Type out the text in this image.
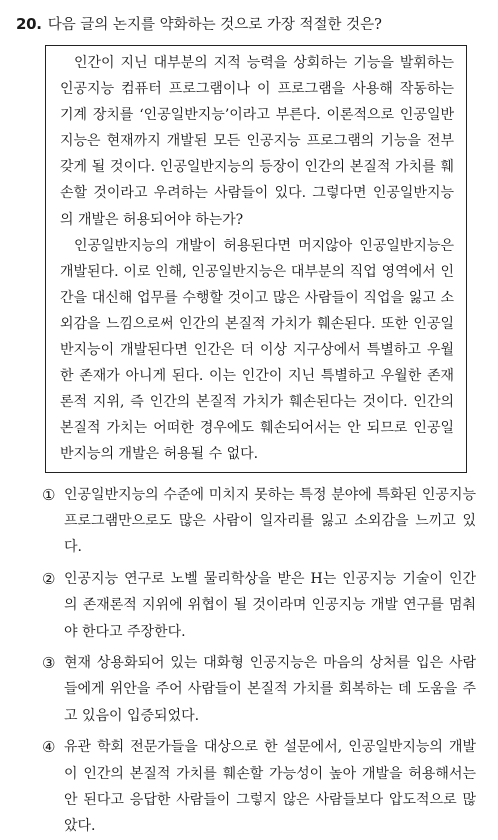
20. 다음 글의 논지를 약화하는 것으로 가장 적절한 것은?

인간이 지닌 대부분의 지적 능력을 상회하는 기능을 발휘하는 인공지능 컴퓨터 프로그램이나 이 프로그램을 사용해 작동하는 기계 장치를 ‘인공일반지능’이라고 부른다. 이론적으로 인공일반지능은 현재까지 개발된 모든 인공지능 프로그램의 기능을 전부 갖게 될 것이다. 인공일반지능의 등장이 인간의 본질적 가치를 훼손할 것이라고 우려하는 사람들이 있다. 그렇다면 인공일반지능의 개발은 허용되어야 하는가?

인공일반지능의 개발이 허용된다면 머지않아 인공일반지능은 개발된다. 이로 인해, 인공일반지능은 대부분의 직업 영역에서 인간을 대신해 업무를 수행할 것이고 많은 사람들이 직업을 잃고 소외감을 느낌으로써 인간의 본질적 가치가 훼손된다. 또한 인공일반지능이 개발된다면 인간은 더 이상 지구상에서 특별하고 우월한 존재가 아니게 된다. 이는 인간이 지닌 특별하고 우월한 존재론적 지위, 즉 인간의 본질적 가치가 훼손된다는 것이다. 인간의 본질적 가치는 어떠한 경우에도 훼손되어서는 안 되므로 인공일반지능의 개발은 허용될 수 없다.

① 인공일반지능의 수준에 미치지 못하는 특정 분야에 특화된 인공지능 프로그램만으로도 많은 사람이 일자리를 잃고 소외감을 느끼고 있다.
② 인공지능 연구로 노벨 물리학상을 받은 H는 인공지능 기술이 인간의 존재론적 지위에 위협이 될 것이라며 인공지능 개발 연구를 멈춰야 한다고 주장한다.
③ 현재 상용화되어 있는 대화형 인공지능은 마음의 상처를 입은 사람들에게 위안을 주어 사람들이 본질적 가치를 회복하는 데 도움을 주고 있음이 입증되었다.
④ 유관 학회 전문가들을 대상으로 한 설문에서, 인공일반지능의 개발이 인간의 본질적 가치를 훼손할 가능성이 높아 개발을 허용해서는 안 된다고 응답한 사람들이 그렇지 않은 사람들보다 압도적으로 많았다.
